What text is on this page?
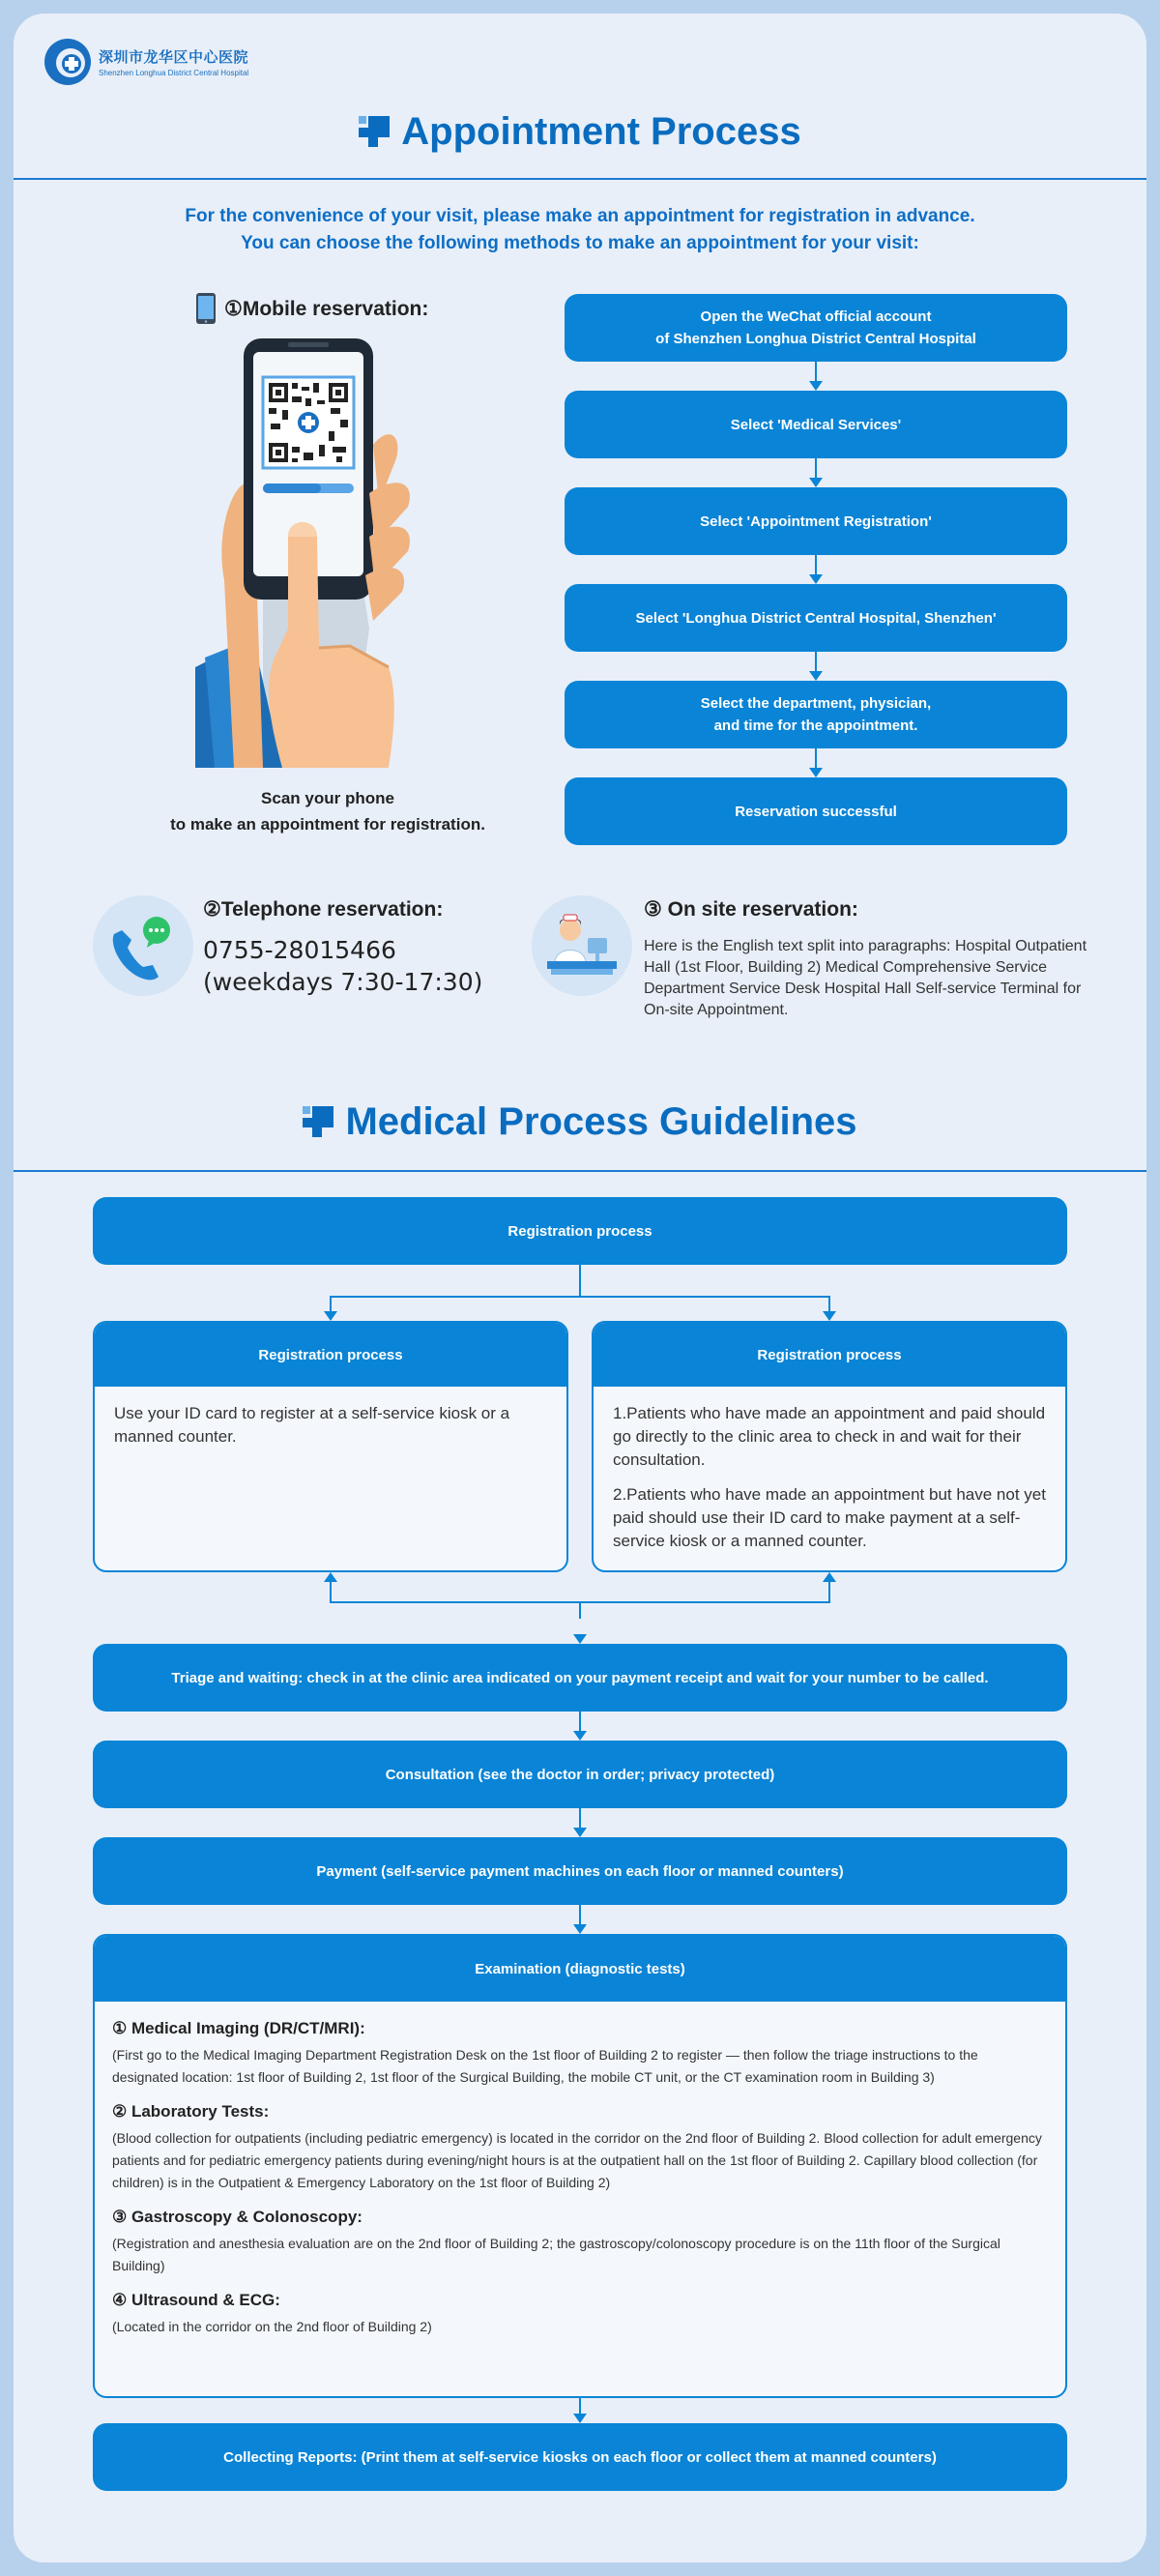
深圳市龙华区中心医院
Shenzhen Longhua District Central Hospital
Appointment Process
For the convenience of your visit, please make an appointment for registration in advance.
You can choose the following methods to make an appointment for your visit:
①Mobile reservation:
Scan your phone
to make an appointment for registration.
②Telephone reservation:
0755-28015466
(weekdays 7:30-17:30)
③ On site reservation:
Here is the English text split into paragraphs: Hospital Outpatient Hall (1st Floor, Building 2) Medical Comprehensive Service Department Service Desk Hospital Hall Self-service Terminal for On-site Appointment.
Medical Process Guidelines
Registration process
Registration process

Use your ID card to register at a self-service kiosk or a manned counter.

Registration process

1.Patients who have made an appointment and paid should go directly to the clinic area to check in and wait for their consultation.

2.Patients who have made an appointment but have not yet paid should use their ID card to make payment at a self-service kiosk or a manned counter.

Triage and waiting: check in at the clinic area indicated on your payment receipt and wait for your number to be called.
Consultation (see the doctor in order; privacy protected)
Payment (self-service payment machines on each floor or manned counters)
Examination (diagnostic tests)
① Medical Imaging (DR/CT/MRI):
(First go to the Medical Imaging Department Registration Desk on the 1st floor of Building 2 to register — then follow the triage instructions to the designated location: 1st floor of Building 2, 1st floor of the Surgical Building, the mobile CT unit, or the CT examination room in Building 3)
② Laboratory Tests:
(Blood collection for outpatients (including pediatric emergency) is located in the corridor on the 2nd floor of Building 2. Blood collection for adult emergency patients and for pediatric emergency patients during evening/night hours is at the outpatient hall on the 1st floor of Building 2. Capillary blood collection (for children) is in the Outpatient & Emergency Laboratory on the 1st floor of Building 2)
③ Gastroscopy & Colonoscopy:
(Registration and anesthesia evaluation are on the 2nd floor of Building 2; the gastroscopy/colonoscopy procedure is on the 11th floor of the Surgical Building)
④ Ultrasound & ECG:
(Located in the corridor on the 2nd floor of Building 2)
Collecting Reports: (Print them at self-service kiosks on each floor or collect them at manned counters)
Open the WeChat official account
of Shenzhen Longhua District Central Hospital
Select 'Medical Services'
Select 'Appointment Registration'
Select 'Longhua District Central Hospital, Shenzhen'
Select the department, physician,
and time for the appointment.
Reservation successful
